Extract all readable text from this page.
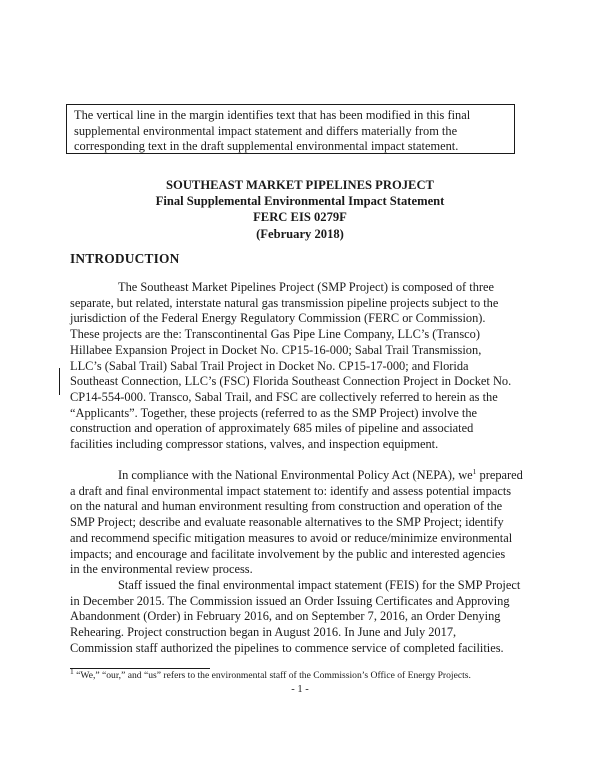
The vertical line in the margin identifies text that has been modified in this final
supplemental environmental impact statement and differs materially from the
corresponding text in the draft supplemental environmental impact statement.
SOUTHEAST MARKET PIPELINES PROJECT
Final Supplemental Environmental Impact Statement
FERC EIS 0279F
(February 2018)
INTRODUCTION
The Southeast Market Pipelines Project (SMP Project) is composed of three
separate, but related, interstate natural gas transmission pipeline projects subject to the
jurisdiction of the Federal Energy Regulatory Commission (FERC or Commission).
These projects are the: Transcontinental Gas Pipe Line Company, LLC’s (Transco)
Hillabee Expansion Project in Docket No. CP15-16-000; Sabal Trail Transmission,
LLC’s (Sabal Trail) Sabal Trail Project in Docket No. CP15-17-000; and Florida
Southeast Connection, LLC’s (FSC) Florida Southeast Connection Project in Docket No.
CP14-554-000. Transco, Sabal Trail, and FSC are collectively referred to herein as the
“Applicants”. Together, these projects (referred to as the SMP Project) involve the
construction and operation of approximately 685 miles of pipeline and associated
facilities including compressor stations, valves, and inspection equipment.
In compliance with the National Environmental Policy Act (NEPA), $we^1$ prepared
a draft and final environmental impact statement to: identify and assess potential impacts
on the natural and human environment resulting from construction and operation of the
SMP Project; describe and evaluate reasonable alternatives to the SMP Project; identify
and recommend specific mitigation measures to avoid or reduce/minimize environmental
impacts; and encourage and facilitate involvement by the public and interested agencies
in the environmental review process.
Staff issued the final environmental impact statement (FEIS) for the SMP Project
in December 2015. The Commission issued an Order Issuing Certificates and Approving
Abandonment (Order) in February 2016, and on September 7, 2016, an Order Denying
Rehearing. Project construction began in August 2016. In June and July 2017,
Commission staff authorized the pipelines to commence service of completed facilities.
$^1$ “We,” “our,” and “us” refers to the environmental staff of the Commission’s Office of Energy Projects.
- 1 -
